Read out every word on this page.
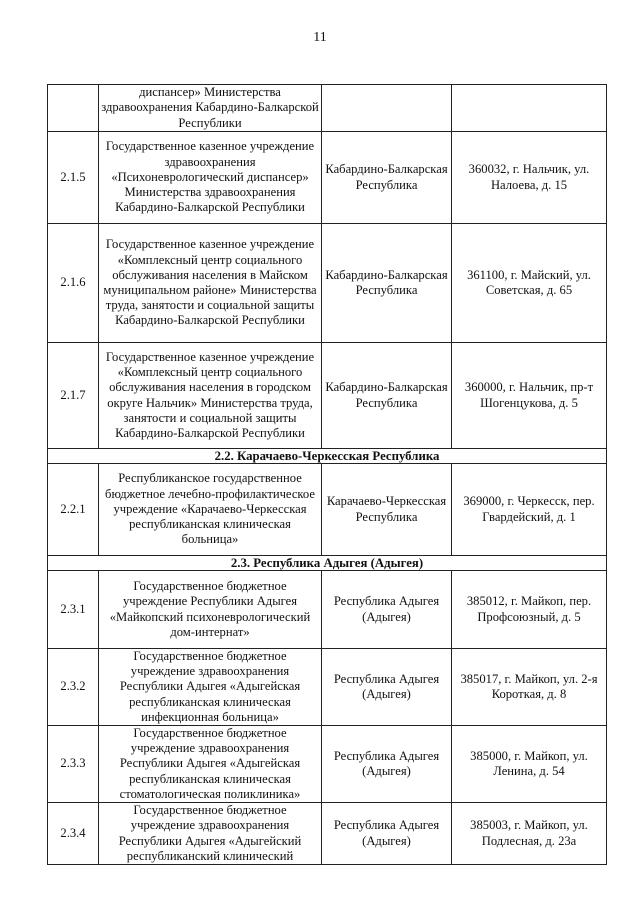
11
	диспансер» Министерства здравоохранения Кабардино-Балкарской Республики		
2.1.5	Государственное казенное учреждение здравоохранения «Психоневрологический диспансер» Министерства здравоохранения Кабардино-Балкарской Республики	Кабардино-Балкарская Республика	360032, г. Нальчик, ул. Налоева, д. 15
2.1.6	Государственное казенное учреждение «Комплексный центр социального обслуживания населения в Майском муниципальном районе» Министерства труда, занятости и социальной защиты Кабардино-Балкарской Республики	Кабардино-Балкарская Республика	361100, г. Майский, ул. Советская, д. 65
2.1.7	Государственное казенное учреждение «Комплексный центр социального обслуживания населения в городском округе Нальчик» Министерства труда, занятости и социальной защиты Кабардино-Балкарской Республики	Кабардино-Балкарская Республика	360000, г. Нальчик, пр-т Шогенцукова, д. 5
2.2. Карачаево-Черкесская Республика			
2.2.1	Республиканское государственное бюджетное лечебно-профилактическое учреждение «Карачаево-Черкесская республиканская клиническая больница»	Карачаево-Черкесская Республика	369000, г. Черкесск, пер. Гвардейский, д. 1
2.3. Республика Адыгея (Адыгея)			
2.3.1	Государственное бюджетное учреждение Республики Адыгея «Майкопский психоневрологический дом-интернат»	Республика Адыгея (Адыгея)	385012, г. Майкоп, пер. Профсоюзный, д. 5
2.3.2	Государственное бюджетное учреждение здравоохранения Республики Адыгея «Адыгейская республиканская клиническая инфекционная больница»	Республика Адыгея (Адыгея)	385017, г. Майкоп, ул. 2-я Короткая, д. 8
2.3.3	Государственное бюджетное учреждение здравоохранения Республики Адыгея «Адыгейская республиканская клиническая стоматологическая поликлиника»	Республика Адыгея (Адыгея)	385000, г. Майкоп, ул. Ленина, д. 54
2.3.4	Государственное бюджетное учреждение здравоохранения Республики Адыгея «Адыгейский республиканский клинический	Республика Адыгея (Адыгея)	385003, г. Майкоп, ул. Подлесная, д. 23а
